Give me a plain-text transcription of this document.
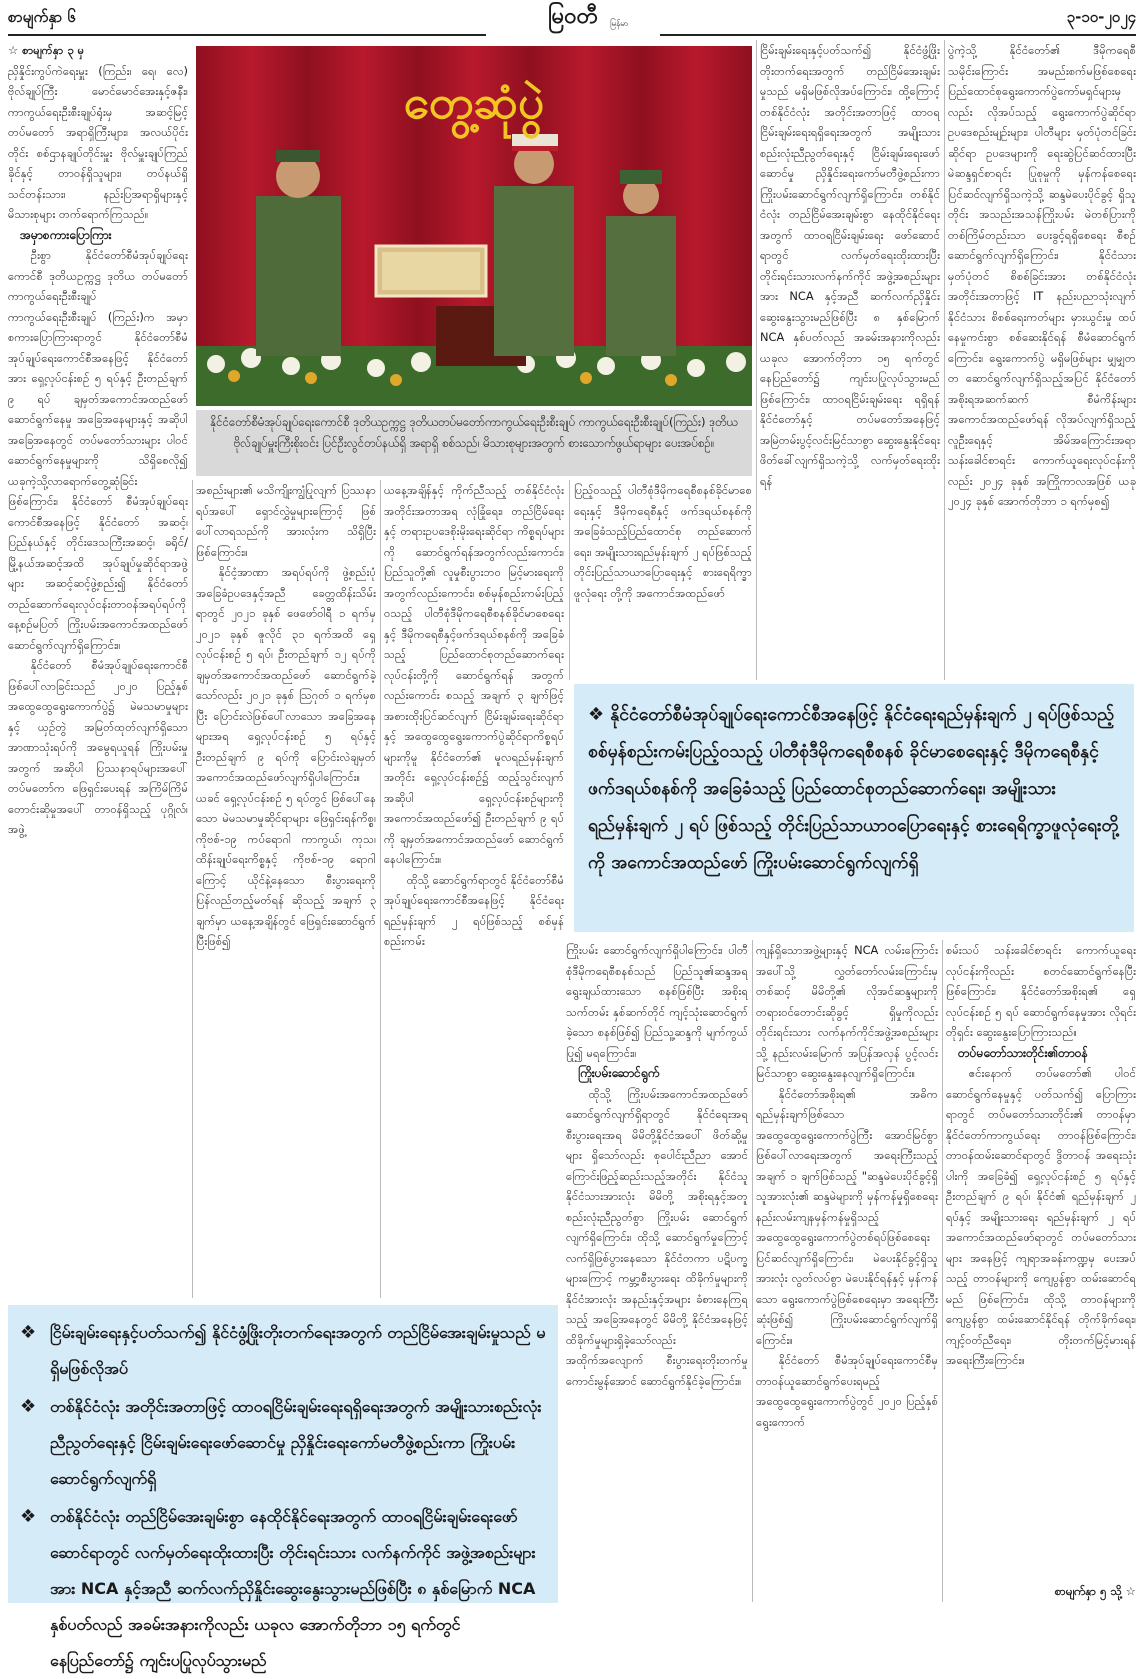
စာမျက်နှာ ၆	မြဝတီ မြန်မာ	၃-၁၀-၂၀၂၄

☆ စာမျက်နှာ ၃ မှ

ညှိနှိုင်းကွပ်ကဲရေးမှူး (ကြည်း၊ ရေ၊ လေ) ဗိုလ်ချုပ်ကြီး မောင်မောင်အေးနှင့်ဇနီး၊ ကာကွယ်ရေးဦးစီးချုပ်ရုံးမှ အဆင့်မြင့်တပ်မတော် အရာရှိကြီးများ၊ အလယ်ပိုင်းတိုင်း စစ်ဌာနချုပ်တိုင်းမှူး ဗိုလ်မှူးချုပ်ကြည်ခိုင်နှင့် တာဝန်ရှိသူများ၊ တပ်နယ်ရှိ သင်တန်းသား၊ နည်းပြအရာရှိများနှင့် မိသားစုများ တက်ရောက်ကြသည်။

အမှာစကားပြောကြား

ဦးစွာ နိုင်ငံတော်စီမံအုပ်ချုပ်ရေးကောင်စီ ဒုတိယဥက္ကဋ္ဌ ဒုတိယ တပ်မတော်ကာကွယ်ရေးဦးစီးချုပ် ကာကွယ်ရေးဦးစီးချုပ် (ကြည်း)က အမှာစကားပြောကြားရာတွင် နိုင်ငံတော်စီမံအုပ်ချုပ်ရေးကောင်စီအနေဖြင့် နိုင်ငံတော်အား ရှေ့လုပ်ငန်းစဉ် ၅ ရပ်နှင့် ဦးတည်ချက် ၉ ရပ် ချမှတ်အကောင်အထည်ဖော် ဆောင်ရွက်နေမှု အခြေအနေများနှင့် အဆိုပါအခြေအနေတွင် တပ်မတော်သားများ ပါဝင်ဆောင်ရွက်နေမှုများကို သိရှိစေလို၍ ယခုကဲ့သို့လာရောက်တွေ့ဆုံခြင်း ဖြစ်ကြောင်း၊ နိုင်ငံတော် စီမံအုပ်ချုပ်ရေးကောင်စီအနေဖြင့် နိုင်ငံတော် အဆင့်၊ ပြည်နယ်နှင့် တိုင်းဒေသကြီးအဆင့်၊ ခရိုင်/မြို့နယ်အဆင့်အထိ အုပ်ချုပ်မှုဆိုင်ရာအဖွဲ့များ အဆင့်ဆင့်ဖွဲ့စည်း၍ နိုင်ငံတော် တည်ဆောက်ရေးလုပ်ငန်းတာဝန်အရပ်ရပ်ကို နေ့စဉ်မပြတ် ကြိုးပမ်းအကောင်အထည်ဖော်ဆောင်ရွက်လျက်ရှိကြောင်း။

နိုင်ငံတော် စီမံအုပ်ချုပ်ရေးကောင်စီ ဖြစ်ပေါ်လာခြင်းသည် ၂၀၂၀ ပြည့်နှစ် အထွေထွေရွေးကောက်ပွဲ၌ မဲမသမာမှုများနှင့် ယှဉ်တွဲ အမြတ်ထုတ်လျက်ရှိသော အာဏာသုံးရပ်ကို အမွေရယူရန် ကြိုးပမ်းမှုအတွက် အဆိုပါ ပြဿနာရပ်များအပေါ် တပ်မတော်က ဖြေရှင်းပေးရန် အကြိမ်ကြိမ်တောင်းဆိုမှုအပေါ် တာဝန်ရှိသည့် ပုဂ္ဂိုလ်၊ အဖွဲ့

တွေ့ဆုံပွဲ
နိုင်ငံတော်စီမံအုပ်ချုပ်ရေးကောင်စီ ဒုတိယဥက္ကဋ္ဌ ဒုတိယတပ်မတော်ကာကွယ်ရေးဦးစီးချုပ် ကာကွယ်ရေးဦးစီးချုပ်(ကြည်း) ဒုတိယဗိုလ်ချုပ်မှူးကြီးစိုးဝင်း ပြင်ဦးလွင်တပ်နယ်ရှိ အရာရှိ စစ်သည်၊ မိသားစုများအတွက် စားသောက်ဖွယ်ရာများ ပေးအပ်စဉ်။

အစည်းများ၏ မသိကျိုးကျွံပြုလျက် ပြဿနာရပ်အပေါ် ရှောင်လွှဲမှုများကြောင့် ဖြစ်ပေါ်လာရသည်ကို အားလုံးက သိရှိပြီး ဖြစ်ကြောင်း။

နိုင်ငံ့အာဏာ အရပ်ရပ်ကို ဖွဲ့စည်းပုံအခြေခံဥပဒေနှင့်အညီ ခေတ္တထိန်းသိမ်းရာတွင် ၂၀၂၁ ခုနှစ် ဖေဖော်ဝါရီ ၁ ရက်မှ ၂၀၂၁ ခုနှစ် ဇူလိုင် ၃၁ ရက်အထိ ရှေ့လုပ်ငန်းစဉ် ၅ ရပ်၊ ဦးတည်ချက် ၁၂ ရပ်ကို ချမှတ်အကောင်အထည်ဖော် ဆောင်ရွက်ခဲ့သော်လည်း ၂၀၂၁ ခုနှစ် ဩဂုတ် ၁ ရက်မှစပြီး ပြောင်းလဲဖြစ်ပေါ်လာသော အခြေအနေများအရ ရှေ့လုပ်ငန်းစဉ် ၅ ရပ်နှင့် ဦးတည်ချက် ၉ ရပ်ကို ပြောင်းလဲချမှတ်အကောင်အထည်ဖော်လျက်ရှိပါကြောင်း။ ယခင် ရှေ့လုပ်ငန်းစဉ် ၅ ရပ်တွင် ဖြစ်ပေါ်နေသော မဲမသမာမှုဆိုင်ရာများ ဖြေရှင်းရန်ကိစ္စ၊ ကိုဗစ်-၁၉ ကပ်ရောဂါ ကာကွယ်၊ ကုသ၊ ထိန်းချုပ်ရေးကိစ္စနှင့် ကိုဗစ်-၁၉ ရောဂါကြောင့် ယိုင်နဲ့နေသော စီးပွားရေးကို ပြန်လည်တည့်မတ်ရန် ဆိုသည့် အချက် ၃ ချက်မှာ ယနေ့အချိန်တွင် ဖြေရှင်းဆောင်ရွက်ပြီးဖြစ်၍

ယနေ့အချိန်နှင့် ကိုက်ညီသည့် တစ်နိုင်ငံလုံး အတိုင်းအတာအရ လုံခြုံရေး၊ တည်ငြိမ်ရေးနှင့် တရားဥပဒေစိုးမိုးရေးဆိုင်ရာ ကိစ္စရပ်များကို ဆောင်ရွက်ရန်အတွက်လည်းကောင်း၊ ပြည်သူတို့၏ လူမှုစီးပွားဘဝ မြင့်မားရေးကို အတွက်လည်းကောင်း၊ စစ်မှန်စည်းကမ်းပြည့်ဝသည့် ပါတီစုံဒီမိုကရေစီစနစ်ခိုင်မာစေရေးနှင့် ဒီမိုကရေစီနှင့်ဖက်ဒရယ်စနစ်ကို အခြေခံသည့် ပြည်ထောင်စုတည်ဆောက်ရေးလုပ်ငန်းတို့ကို ဆောင်ရွက်ရန် အတွက်လည်းကောင်း စသည့် အချက် ၃ ချက်ဖြင့် အစားထိုးပြင်ဆင်လျက် ငြိမ်းချမ်းရေးဆိုင်ရာနှင့် အထွေထွေရွေးကောက်ပွဲဆိုင်ရာကိစ္စရပ်များကိုမူ နိုင်ငံတော်၏ မူလရည်မှန်းချက်အတိုင်း ရှေ့လုပ်ငန်းစဉ်၌ ထည့်သွင်းလျက် အဆိုပါ ရှေ့လုပ်ငန်းစဉ်များကို အကောင်အထည်ဖော်၍ ဦးတည်ချက် ၉ ရပ်ကို ချမှတ်အကောင်အထည်ဖော် ဆောင်ရွက်နေပါကြောင်း။

ထိုသို့ ဆောင်ရွက်ရာတွင် နိုင်ငံတော်စီမံအုပ်ချုပ်ရေးကောင်စီအနေဖြင့် နိုင်ငံရေးရည်မှန်းချက် ၂ ရပ်ဖြစ်သည့် စစ်မှန်စည်းကမ်း

ပြည့်ဝသည့် ပါတီစုံဒီမိုကရေစီစနစ်ခိုင်မာစေရေးနှင့် ဒီမိုကရေစီနှင့် ဖက်ဒရယ်စနစ်ကို အခြေခံသည့်ပြည်ထောင်စု တည်ဆောက်ရေး၊ အမျိုးသားရည်မှန်းချက် ၂ ရပ်ဖြစ်သည့် တိုင်းပြည်သာယာပြောရေးနှင့် စားရေရိက္ခာဖူလုံရေး တို့ကို အကောင်အထည်ဖော်

ငြိမ်းချမ်းရေးနှင့်ပတ်သက်၍ နိုင်ငံဖွံ့ဖြိုးတိုးတက်ရေးအတွက် တည်ငြိမ်အေးချမ်းမှုသည် မရှိမဖြစ်လိုအပ်ကြောင်း၊ ထို့ကြောင့် တစ်နိုင်ငံလုံး အတိုင်းအတာဖြင့် ထာဝရ ငြိမ်းချမ်းရေးရရှိရေးအတွက် အမျိုးသားစည်းလုံးညီညွတ်ရေးနှင့် ငြိမ်းချမ်းရေးဖော်ဆောင်မှု ညှိနှိုင်းရေးကော်မတီဖွဲ့စည်းကာ ကြိုးပမ်းဆောင်ရွက်လျက်ရှိကြောင်း၊ တစ်နိုင်ငံလုံး တည်ငြိမ်အေးချမ်းစွာ နေထိုင်နိုင်ရေးအတွက် ထာဝရငြိမ်းချမ်းရေး ဖော်ဆောင်ရာတွင် လက်မှတ်ရေးထိုးထားပြီး တိုင်းရင်းသားလက်နက်ကိုင် အဖွဲ့အစည်းများအား NCA နှင့်အညီ ဆက်လက်ညှိနှိုင်းဆွေးနွေးသွားမည်ဖြစ်ပြီး ၈ နှစ်မြောက် NCA နှစ်ပတ်လည် အခမ်းအနားကိုလည်း ယခုလ အောက်တိုဘာ ၁၅ ရက်တွင် နေပြည်တော်၌ ကျင်းပပြုလုပ်သွားမည်ဖြစ်ကြောင်း၊ ထာဝရငြိမ်းချမ်းရေး ရရှိရန် နိုင်ငံတော်နှင့် တပ်မတော်အနေဖြင့် အမြဲတမ်းပွင့်လင်းမြင်သာစွာ ဆွေးနွေးနိုင်ရေး ဖိတ်ခေါ်လျက်ရှိသကဲ့သို့ လက်မှတ်ရေးထိုးရန်

ပွဲကဲ့သို့ နိုင်ငံတော်၏ ဒီမိုကရေစီ သမိုင်းကြောင်း အမည်းစက်မဖြစ်စေရေး ပြည်ထောင်စုရွေးကောက်ပွဲကော်မရှင်များမှလည်း လိုအပ်သည့် ရွေးကောက်ပွဲဆိုင်ရာ ဥပဒေစည်းမျဉ်းများ၊ ပါတီများ မှတ်ပုံတင်ခြင်းဆိုင်ရာ ဥပဒေများကို ရေးဆွဲပြင်ဆင်ထားပြီး မဲဆန္ဒရှင်စာရင်း ပြုစုမှုကို မှန်ကန်စေရေး ပြင်ဆင်လျက်ရှိသကဲ့သို့ ဆန္ဒမဲပေးပိုင်ခွင့် ရှိသူတိုင်း အသည်းအသန်ကြိုးပမ်း မဲတစ်ပြားကို တစ်ကြိမ်တည်းသာ ပေးခွင့်ရရှိစေရေး စီစဉ်ဆောင်ရွက်လျက်ရှိကြောင်း၊ နိုင်ငံသားမှတ်ပုံတင် စိစစ်ခြင်းအား တစ်နိုင်ငံလုံး အတိုင်းအတာဖြင့် IT နည်းပညာသုံးလျက် နိုင်ငံသား စိစစ်ရေးကတ်များ မှားယွင်းမှု ထပ်နေမှုကင်းစွာ စစ်ဆေးနိုင်ရန် စီမံဆောင်ရွက်ကြောင်း၊ ရွေးကောက်ပွဲ မရှိမဖြစ်များ မျှမျှတတ ဆောင်ရွက်လျက်ရှိသည့်အပြင် နိုင်ငံတော် အစိုးရအဆက်ဆက် စီမံကိန်းများ အကောင်အထည်ဖော်ရန် လိုအပ်လျက်ရှိသည့် လူဦးရေနှင့် အိမ်အကြောင်းအရာ သန်းခေါင်စာရင်း ကောက်ယူရေးလုပ်ငန်းကိုလည်း ၂၀၂၄ ခုနှစ် အကြိုကာလအဖြစ် ယခု ၂၀၂၄ ခုနှစ် အောက်တိုဘာ ၁ ရက်မှစ၍

❖ နိုင်ငံတော်စီမံအုပ်ချုပ်ရေးကောင်စီအနေဖြင့် နိုင်ငံရေးရည်မှန်းချက် ၂ ရပ်ဖြစ်သည့် စစ်မှန်စည်းကမ်းပြည့်ဝသည့် ပါတီစုံဒီမိုကရေစီစနစ် ခိုင်မာစေရေးနှင့် ဒီမိုကရေစီနှင့် ဖက်ဒရယ်စနစ်ကို အခြေခံသည့် ပြည်ထောင်စုတည်ဆောက်ရေး၊ အမျိုးသားရည်မှန်းချက် ၂ ရပ် ဖြစ်သည့် တိုင်းပြည်သာယာဝပြောရေးနှင့် စားရေရိက္ခာဖူလုံရေးတို့ကို အကောင်အထည်ဖော် ကြိုးပမ်းဆောင်ရွက်လျက်ရှိ
❖ ငြိမ်းချမ်းရေးနှင့်ပတ်သက်၍ နိုင်ငံဖွံ့ဖြိုးတိုးတက်ရေးအတွက် တည်ငြိမ်အေးချမ်းမှုသည် မရှိမဖြစ်လိုအပ်
❖ တစ်နိုင်ငံလုံး အတိုင်းအတာဖြင့် ထာဝရငြိမ်းချမ်းရေးရရှိရေးအတွက် အမျိုးသားစည်းလုံးညီညွတ်ရေးနှင့် ငြိမ်းချမ်းရေးဖော်ဆောင်မှု ညှိနှိုင်းရေးကော်မတီဖွဲ့စည်းကာ ကြိုးပမ်းဆောင်ရွက်လျက်ရှိ
❖ တစ်နိုင်ငံလုံး တည်ငြိမ်အေးချမ်းစွာ နေထိုင်နိုင်ရေးအတွက် ထာဝရငြိမ်းချမ်းရေးဖော်ဆောင်ရာတွင် လက်မှတ်ရေးထိုးထားပြီး တိုင်းရင်းသား လက်နက်ကိုင် အဖွဲ့အစည်းများအား NCA နှင့်အညီ ဆက်လက်ညှိနှိုင်းဆွေးနွေးသွားမည်ဖြစ်ပြီး ၈ နှစ်မြောက် NCA နှစ်ပတ်လည် အခမ်းအနားကိုလည်း ယခုလ အောက်တိုဘာ ၁၅ ရက်တွင် နေပြည်တော်၌ ကျင်းပပြုလုပ်သွားမည်

ကြိုးပမ်း ဆောင်ရွက်လျက်ရှိပါကြောင်း၊ ပါတီစုံဒီမိုကရေစီစနစ်သည် ပြည်သူ၏ဆန္ဒအရ ရွေးချယ်ထားသော စနစ်ဖြစ်ပြီး အစိုးရသက်တမ်း နှစ်ဆက်တိုင် ကျင့်သုံးဆောင်ရွက်ခဲ့သော စနစ်ဖြစ်၍ ပြည်သူ့ဆန္ဒကို မျက်ကွယ်ပြု၍ မရကြောင်း။

ကြိုးပမ်းဆောင်ရွက်

ထိုသို့ ကြိုးပမ်းအကောင်အထည်ဖော် ဆောင်ရွက်လျက်ရှိရာတွင် နိုင်ငံရေးအရ စီးပွားရေးအရ မိမိတို့နိုင်ငံအပေါ် ဖိတ်ဆို့မှုများ ရှိသော်လည်း စုပေါင်းညီညာ အောင်ကြောင်းဖြည့်ဆည်းသည့်အတိုင်း နိုင်ငံသူ နိုင်ငံသားအားလုံး မိမိတို့ အစိုးရနှင့်အတူ စည်းလုံးညီညွတ်စွာ ကြိုးပမ်း ဆောင်ရွက်လျက်ရှိကြောင်း၊ ထိုသို့ ဆောင်ရွက်မှုကြောင့် လက်ရှိဖြစ်ပွားနေသော နိုင်ငံတကာ ပဋိပက္ခများကြောင့် ကမ္ဘာ့စီးပွားရေး ထိခိုက်မှုများကို နိုင်ငံအားလုံး အနည်းနှင့်အများ ခံစားနေကြရသည့် အခြေအနေတွင် မိမိတို့ နိုင်ငံအနေဖြင့် ထိခိုက်မှုများရှိခဲ့သော်လည်း အထိုက်အလျောက် စီးပွားရေးတိုးတက်မှုကောင်းမွန်အောင် ဆောင်ရွက်နိုင်ခဲ့ကြောင်း။

ကျန်ရှိသောအဖွဲ့များနှင့် NCA လမ်းကြောင်းအပေါ်သို့ လွှတ်တော်လမ်းကြောင်းမှ တစ်ဆင့် မိမိတို့၏ လိုအင်ဆန္ဒများကို တရားဝင်တောင်းဆိုခွင့် ရှိမှုကိုလည်း တိုင်းရင်းသား လက်နက်ကိုင်အဖွဲ့အစည်းများသို့ နည်းလမ်းမြောက် အပြန်အလှန် ပွင့်လင်းမြင်သာစွာ ဆွေးနွေးနေလျက်ရှိကြောင်း။

နိုင်ငံတော်အစိုးရ၏ အဓိက ရည်မှန်းချက်ဖြစ်သော အထွေထွေရွေးကောက်ပွဲကြီး အောင်မြင်စွာဖြစ်ပေါ်လာရေးအတွက် အရေးကြီးသည့် အချက် ၁ ချက်ဖြစ်သည့် "ဆန္ဒမဲပေးပိုင်ခွင့်ရှိသူအားလုံး၏ ဆန္ဒမဲများကို မှန်ကန်မှုရှိစေရေး နည်းလမ်းကျနမှန်ကန်မှုရှိသည့် အထွေထွေရွေးကောက်ပွဲတစ်ရပ်ဖြစ်စေရေး ပြင်ဆင်လျက်ရှိကြောင်း၊ မဲပေးနိုင်ခွင့်ရှိသူအားလုံး လွတ်လပ်စွာ မဲပေးနိုင်ရန်နှင့် မှန်ကန်သော ရွေးကောက်ပွဲဖြစ်စေရေးမှာ အရေးကြီးဆုံးဖြစ်၍ ကြိုးပမ်းဆောင်ရွက်လျက်ရှိကြောင်း။

နိုင်ငံတော် စီမံအုပ်ချုပ်ရေးကောင်စီမှ တာဝန်ယူဆောင်ရွက်ပေးရမည့် အထွေထွေရွေးကောက်ပွဲတွင် ၂၀၂၀ ပြည့်နှစ် ရွေးကောက်

စမ်းသပ် သန်းခေါင်စာရင်း ကောက်ယူရေးလုပ်ငန်းကိုလည်း စတင်ဆောင်ရွက်နေပြီး ဖြစ်ကြောင်း၊ နိုင်ငံတော်အစိုးရ၏ ရှေ့လုပ်ငန်းစဉ် ၅ ရပ် ဆောင်ရွက်နေမှုအား လိုရင်းတိုရှင်း ဆွေးနွေးပြောကြားသည်။

တပ်မတော်သားတိုင်း၏တာဝန်

ဧင်းနောက် တပ်မတော်၏ ပါဝင် ဆောင်ရွက်နေမှုနှင့် ပတ်သက်၍ ပြောကြားရာတွင် တပ်မတော်သားတိုင်း၏ တာဝန်မှာ နိုင်ငံတော်ကာကွယ်ရေး တာဝန်ဖြစ်ကြောင်း၊ တာဝန်ထမ်းဆောင်ရာတွင် ဒွိတာဝန် အရေးသုံးပါးကို အခြေခံ၍ ရှေ့လုပ်ငန်းစဉ် ၅ ရပ်နှင့် ဦးတည်ချက် ၉ ရပ်၊ နိုင်ငံ၏ ရည်မှန်းချက် ၂ ရပ်နှင့် အမျိုးသားရေး ရည်မှန်းချက် ၂ ရပ် အကောင်အထည်ဖော်ရာတွင် တပ်မတော်သားများ အနေဖြင့် ကျရာအခန်းကဏ္ဍမှ ပေးအပ်သည့် တာဝန်များကို ကျေပွန်စွာ ထမ်းဆောင်ရမည် ဖြစ်ကြောင်း၊ ထိုသို့ တာဝန်များကို ကျေပွန်စွာ ထမ်းဆောင်နိုင်ရန် တိုက်ခိုက်ရေး၊ ကျင့်ဝတ်ညီရေး၊ တိုးတက်မြင့်မားရန် အရေးကြီးကြောင်း။

စာမျက်နှာ ၅ သို့ ☆
